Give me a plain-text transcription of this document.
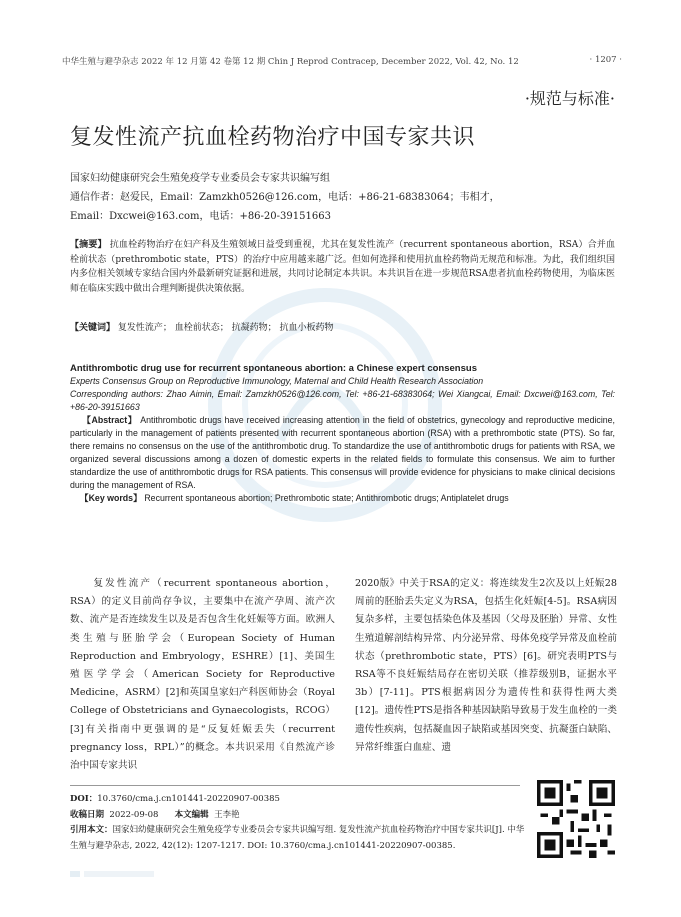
中华生殖与避孕杂志 2022 年 12 月第 42 卷第 12 期 Chin J Reprod Contracep, December 2022, Vol. 42, No. 12	· 1207 ·
·规范与标准·
复发性流产抗血栓药物治疗中国专家共识
国家妇幼健康研究会生殖免疫学专业委员会专家共识编写组
通信作者：赵爱民，Email：Zamzkh0526@126.com，电话：+86-21-68383064；韦相才，
Email：Dxcwei@163.com，电话：+86-20-39151663
【摘要】 抗血栓药物治疗在妇产科及生殖领域日益受到重视，尤其在复发性流产（recurrent spontaneous abortion，RSA）合并血栓前状态（prethrombotic state，PTS）的治疗中应用越来越广泛。但如何选择和使用抗血栓药物尚无规范和标准。为此，我们组织国内多位相关领域专家结合国内外最新研究证据和进展，共同讨论制定本共识。本共识旨在进一步规范RSA患者抗血栓药物使用，为临床医师在临床实践中做出合理判断提供决策依据。
【关键词】 复发性流产； 血栓前状态； 抗凝药物； 抗血小板药物
Antithrombotic drug use for recurrent spontaneous abortion: a Chinese expert consensus
Experts Consensus Group on Reproductive Immunology, Maternal and Child Health Research Association
Corresponding authors: Zhao Aimin, Email: Zamzkh0526@126.com, Tel: +86-21-68383064; Wei Xiangcai, Email: Dxcwei@163.com, Tel: +86-20-39151663
【Abstract】 Antithrombotic drugs have received increasing attention in the field of obstetrics, gynecology and reproductive medicine, particularly in the management of patients presented with recurrent spontaneous abortion (RSA) with a prethrombotic state (PTS). So far, there remains no consensus on the use of the antithrombotic drug. To standardize the use of antithrombotic drugs for patients with RSA, we organized several discussions among a dozen of domestic experts in the related fields to formulate this consensus. We aim to further standardize the use of antithrombotic drugs for RSA patients. This consensus will provide evidence for physicians to make clinical decisions during the management of RSA.
【Key words】 Recurrent spontaneous abortion; Prethrombotic state; Antithrombotic drugs; Antiplatelet drugs

　　复发性流产（recurrent spontaneous abortion，RSA）的定义目前尚存争议，主要集中在流产孕周、流产次数、流产是否连续发生以及是否包含生化妊娠等方面。欧洲人类生殖与胚胎学会（European Society of Human Reproduction and Embryology，ESHRE）[1]、美国生殖医学学会（American Society for Reproductive Medicine，ASRM）[2]和英国皇家妇产科医师协会（Royal College of Obstetricians and Gynaecologists，RCOG）[3]有关指南中更强调的是“反复妊娠丢失（recurrent pregnancy loss，RPL）”的概念。本共识采用《自然流产诊治中国专家共识

2020版》中关于RSA的定义：将连续发生2次及以上妊娠28周前的胚胎丢失定义为RSA，包括生化妊娠[4-5]。RSA病因复杂多样，主要包括染色体及基因（父母及胚胎）异常、女性生殖道解剖结构异常、内分泌异常、母体免疫学异常及血栓前状态（prethrombotic state，PTS）[6]。研究表明PTS与RSA等不良妊娠结局存在密切关联（推荐级别B，证据水平3b）[7-11]。PTS根据病因分为遗传性和获得性两大类[12]。遗传性PTS是指各种基因缺陷导致易于发生血栓的一类遗传性疾病，包括凝血因子缺陷或基因突变、抗凝蛋白缺陷、异常纤维蛋白血症、遗

DOI：10.3760/cma.j.cn101441-20220907-00385
收稿日期 2022-09-08 本文编辑 王李艳
引用本文：国家妇幼健康研究会生殖免疫学专业委员会专家共识编写组. 复发性流产抗血栓药物治疗中国专家共识[J]. 中华生殖与避孕杂志, 2022, 42(12): 1207-1217. DOI: 10.3760/cma.j.cn101441-20220907-00385.
